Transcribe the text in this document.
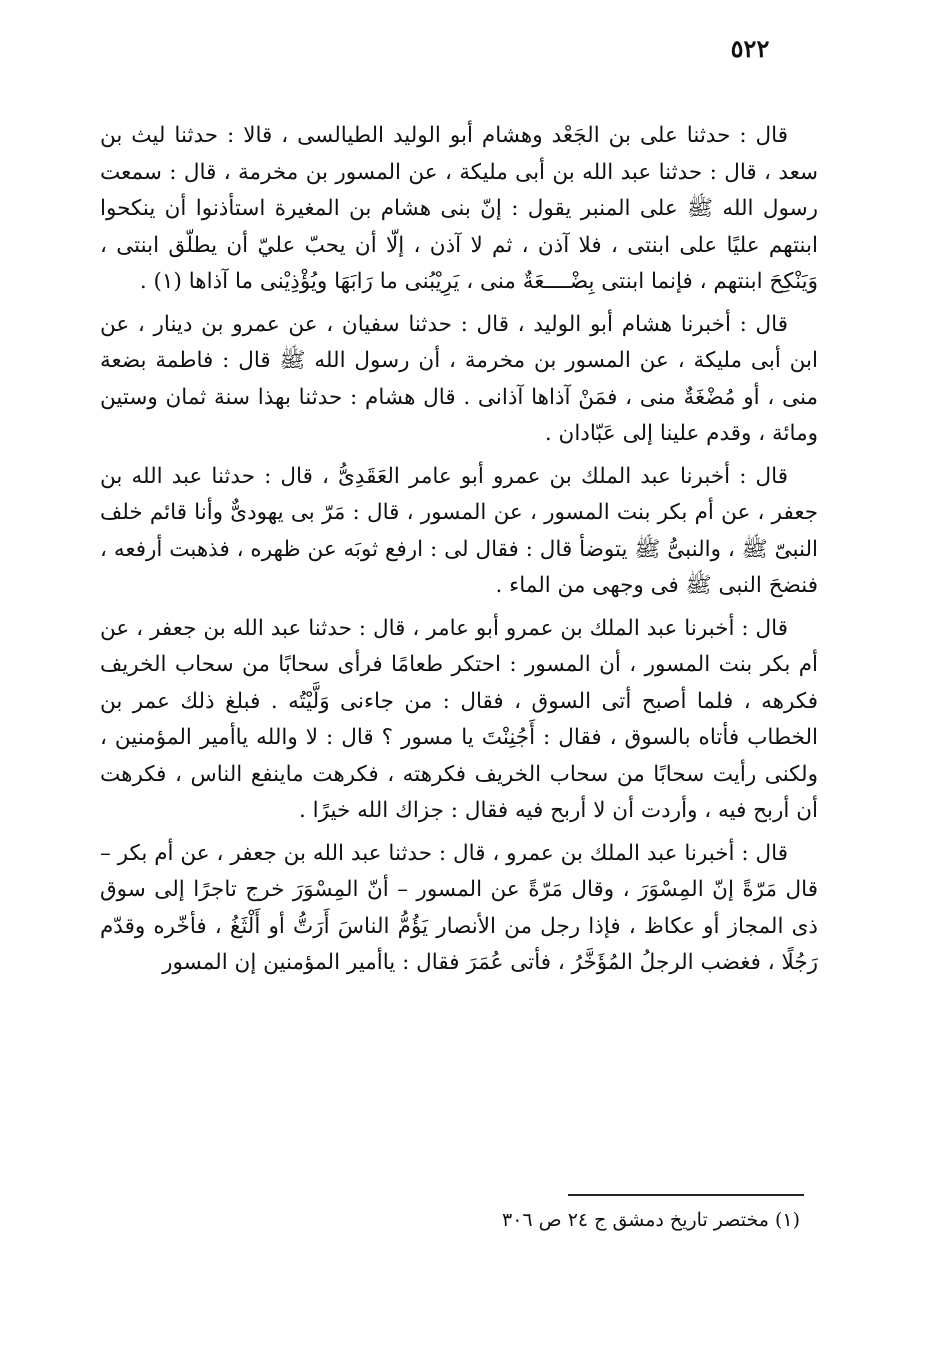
٥٢٢

قال : حدثنا على بن الجَعْد وهشام أبو الوليد الطيالسى ، قالا : حدثنا ليث بن سعد ، قال : حدثنا عبد الله بن أبى مليكة ، عن المسور بن مخرمة ، قال : سمعت رسول الله ﷺ على المنبر يقول : إنّ بنى هشام بن المغيرة استأذنوا أن ينكحوا ابنتهم عليًا على ابنتى ، فلا آذن ، ثم لا آذن ، إلّا أن يحبّ عليّ أن يطلّق ابنتى ، وَيَنْكِحَ ابنتهم ، فإنما ابنتى بِضْــــعَةٌ منى ، يَرِيْبُنى ما رَابَهَا ويُؤْذِيْنى ما آذاها (١) .

قال : أخبرنا هشام أبو الوليد ، قال : حدثنا سفيان ، عن عمرو بن دينار ، عن ابن أبى مليكة ، عن المسور بن مخرمة ، أن رسول الله ﷺ قال : فاطمة بضعة منى ، أو مُضْغَةٌ منى ، فمَنْ آذاها آذانى . قال هشام : حدثنا بهذا سنة ثمان وستين ومائة ، وقدم علينا إلى عَبّادان .

قال : أخبرنا عبد الملك بن عمرو أبو عامر العَقَدِىُّ ، قال : حدثنا عبد الله بن جعفر ، عن أم بكر بنت المسور ، عن المسور ، قال : مَرّ بى يهودىٌّ وأنا قائم خلف النبىّ ﷺ ، والنبىُّ ﷺ يتوضأ قال : فقال لى : ارفع ثوبَه عن ظهره ، فذهبت أرفعه ، فنضحَ النبى ﷺ فى وجهى من الماء .

قال : أخبرنا عبد الملك بن عمرو أبو عامر ، قال : حدثنا عبد الله بن جعفر ، عن أم بكر بنت المسور ، أن المسور : احتكر طعامًا فرأى سحابًا من سحاب الخريف فكرهه ، فلما أصبح أتى السوق ، فقال : من جاءنى وَلَّيْتُه . فبلغ ذلك عمر بن الخطاب فأتاه بالسوق ، فقال : أَجُنِنْتَ يا مسور ؟ قال : لا والله ياأمير المؤمنين ، ولكنى رأيت سحابًا من سحاب الخريف فكرهته ، فكرهت ماينفع الناس ، فكرهت أن أربح فيه ، وأردت أن لا أربح فيه فقال : جزاك الله خيرًا .

قال : أخبرنا عبد الملك بن عمرو ، قال : حدثنا عبد الله بن جعفر ، عن أم بكر – قال مَرّةً إنّ المِسْوَرَ ، وقال مَرّةً عن المسور – أنّ المِسْوَرَ خرج تاجرًا إلى سوق ذى المجاز أو عكاظ ، فإذا رجل من الأنصار يَؤُمُّ الناسَ أَرَتُّ أو أَلْثَغُ ، فأخّره وقدّم رَجُلًا ، فغضب الرجلُ المُؤَخَّرُ ، فأتى عُمَرَ فقال : ياأمير المؤمنين إن المسور

(١) مختصر تاريخ دمشق ج ٢٤ ص ٣٠٦
